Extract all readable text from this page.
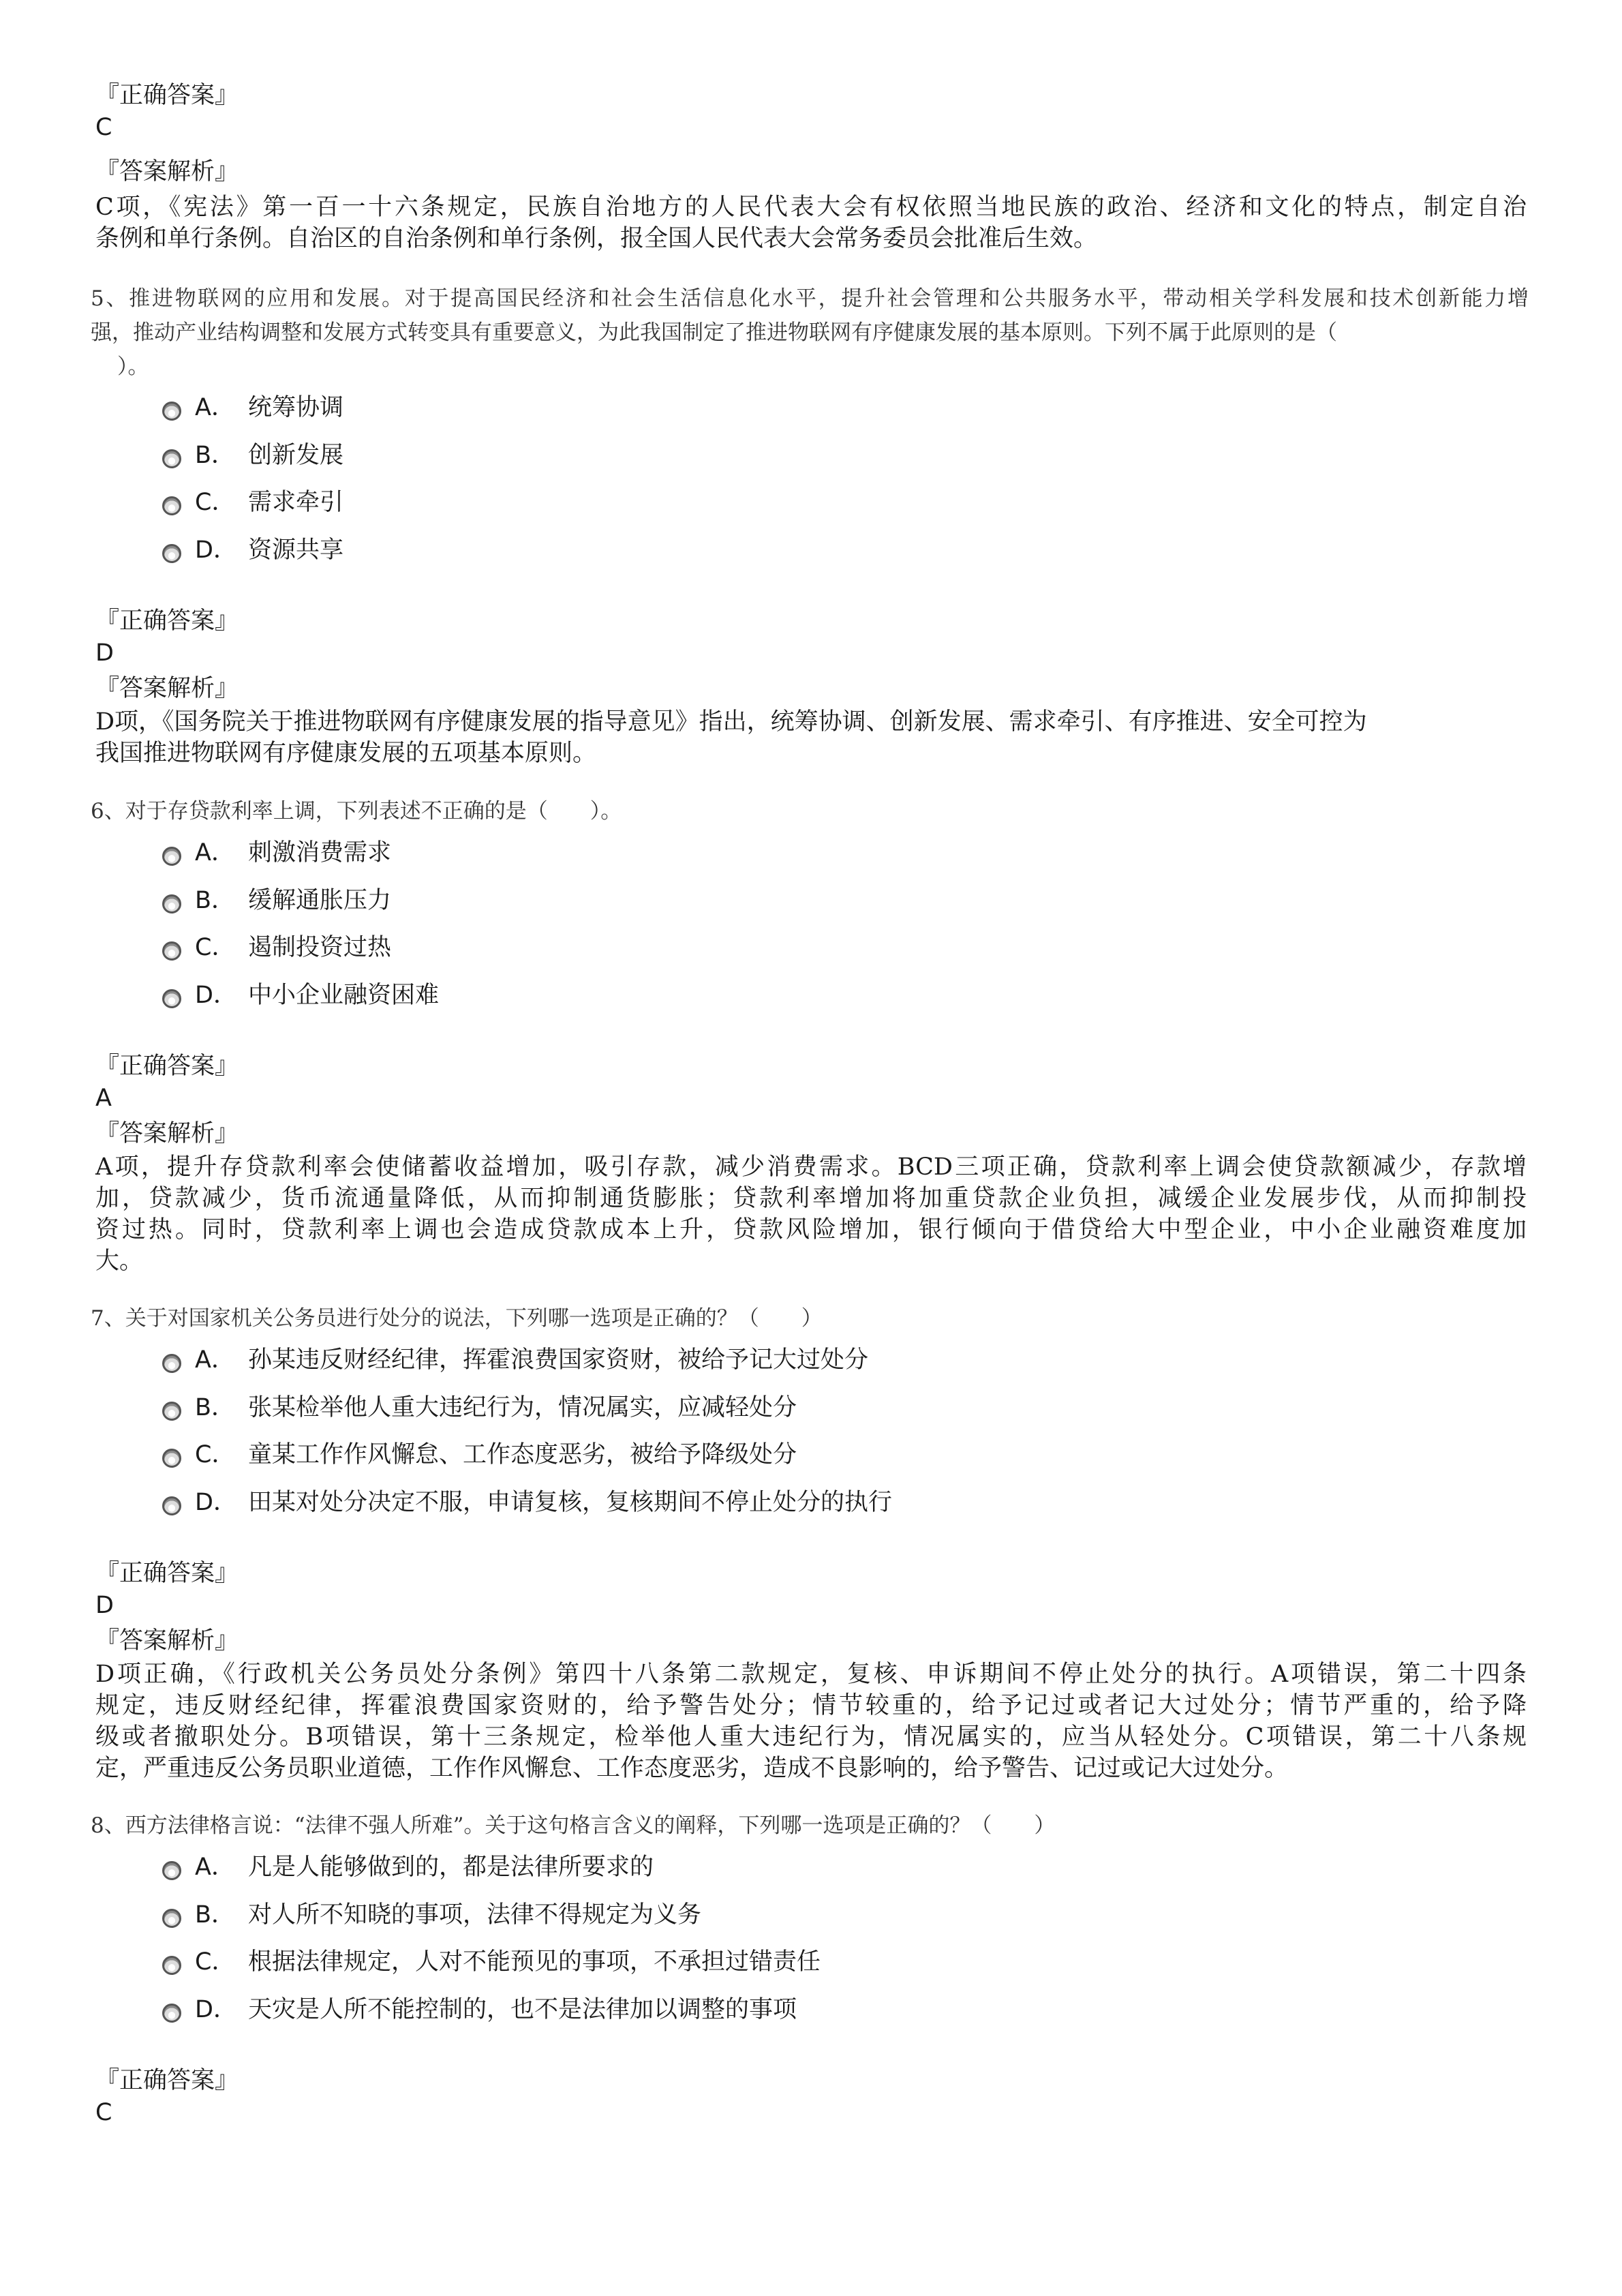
『正确答案』
C
『答案解析』
C项，《宪法》第一百一十六条规定，民族自治地方的人民代表大会有权依照当地民族的政治、经济和文化的特点，制定自治
条例和单行条例。自治区的自治条例和单行条例，报全国人民代表大会常务委员会批准后生效。
5、推进物联网的应用和发展。对于提高国民经济和社会生活信息化水平，提升社会管理和公共服务水平，带动相关学科发展和技术创新能力增
强，推动产业结构调整和发展方式转变具有重要意义，为此我国制定了推进物联网有序健康发展的基本原则。下列不属于此原则的是（
　）。
A． 统筹协调
B． 创新发展
C． 需求牵引
D． 资源共享
『正确答案』
D
『答案解析』
D项，《国务院关于推进物联网有序健康发展的指导意见》指出，统筹协调、创新发展、需求牵引、有序推进、安全可控为
我国推进物联网有序健康发展的五项基本原则。
6、对于存贷款利率上调，下列表述不正确的是（　　）。
A． 刺激消费需求
B． 缓解通胀压力
C． 遏制投资过热
D． 中小企业融资困难
『正确答案』
A
『答案解析』
A项，提升存贷款利率会使储蓄收益增加，吸引存款，减少消费需求。BCD三项正确，贷款利率上调会使贷款额减少，存款增
加，贷款减少，货币流通量降低，从而抑制通货膨胀；贷款利率增加将加重贷款企业负担，减缓企业发展步伐，从而抑制投
资过热。同时，贷款利率上调也会造成贷款成本上升，贷款风险增加，银行倾向于借贷给大中型企业，中小企业融资难度加
大。
7、关于对国家机关公务员进行处分的说法，下列哪一选项是正确的？（　　）
A． 孙某违反财经纪律，挥霍浪费国家资财，被给予记大过处分
B． 张某检举他人重大违纪行为，情况属实，应减轻处分
C． 童某工作作风懈怠、工作态度恶劣，被给予降级处分
D． 田某对处分决定不服，申请复核，复核期间不停止处分的执行
『正确答案』
D
『答案解析』
D项正确，《行政机关公务员处分条例》第四十八条第二款规定，复核、申诉期间不停止处分的执行。A项错误，第二十四条
规定，违反财经纪律，挥霍浪费国家资财的，给予警告处分；情节较重的，给予记过或者记大过处分；情节严重的，给予降
级或者撤职处分。B项错误，第十三条规定，检举他人重大违纪行为，情况属实的，应当从轻处分。C项错误，第二十八条规
定，严重违反公务员职业道德，工作作风懈怠、工作态度恶劣，造成不良影响的，给予警告、记过或记大过处分。
8、西方法律格言说：“法律不强人所难”。关于这句格言含义的阐释，下列哪一选项是正确的？（　　）
A． 凡是人能够做到的，都是法律所要求的
B． 对人所不知晓的事项，法律不得规定为义务
C． 根据法律规定，人对不能预见的事项，不承担过错责任
D． 天灾是人所不能控制的，也不是法律加以调整的事项
『正确答案』
C
